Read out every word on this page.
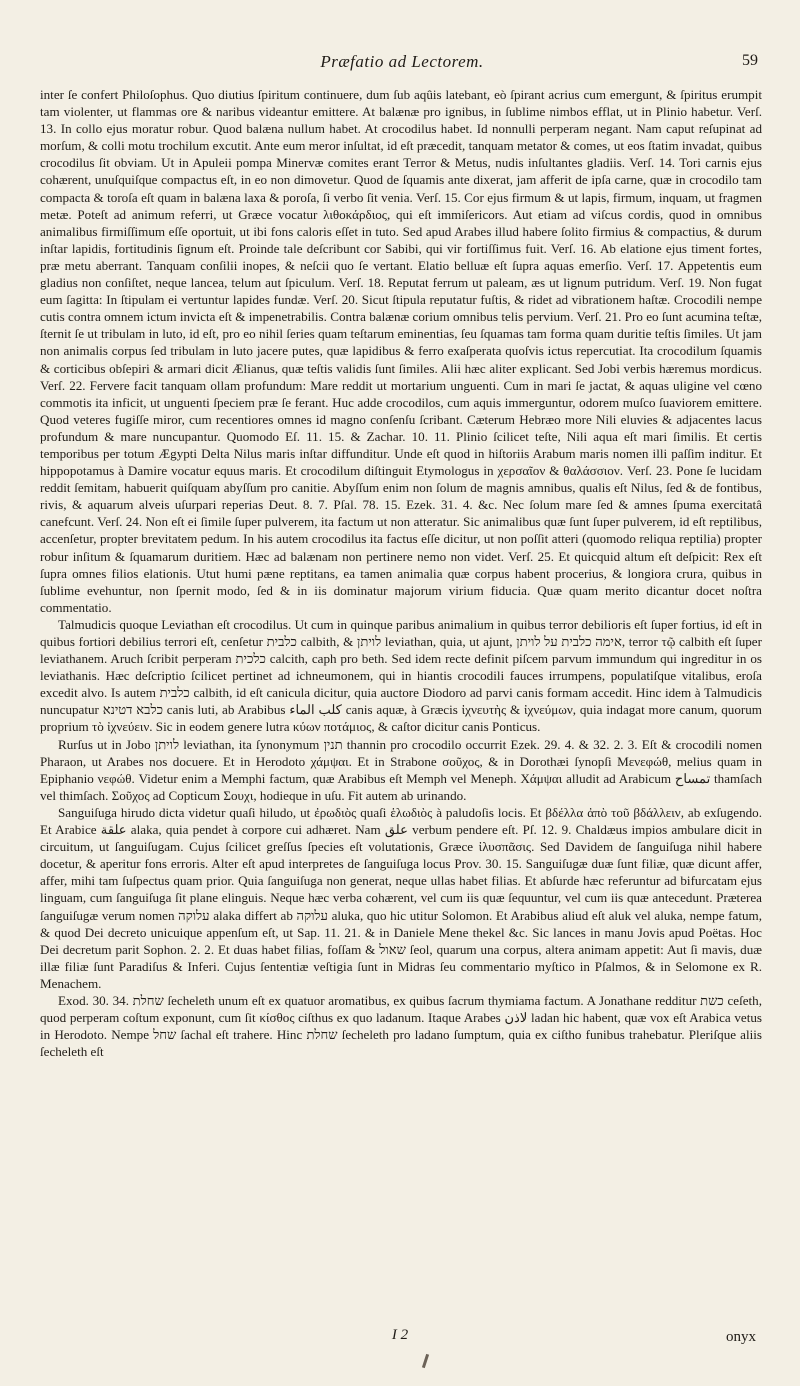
Præfatio ad Lectorem.	59

inter ſe confert Philoſophus. Quo diutius ſpiritum continuere, dum ſub aqûis latebant, eò ſpirant acrius cum emergunt, & ſpiritus erumpit tam violenter, ut flammas ore & naribus videantur emittere. At balænæ pro ignibus, in ſublime nimbos efflat, ut in Plinio habetur. Verſ. 13. In collo ejus moratur robur. Quod balæna nullum habet. At crocodilus habet. Id nonnulli perperam negant. Nam caput reſupinat ad morſum, & colli motu trochilum excutit. Ante eum meror inſultat, id eſt præcedit, tanquam metator & comes, ut eos ſtatim invadat, quibus crocodilus ſit obviam. Ut in Apuleii pompa Minervæ comites erant Terror & Metus, nudis inſultantes gladiis. Verſ. 14. Tori carnis ejus cohærent, unuſquiſque compactus eſt, in eo non dimovetur. Quod de ſquamis ante dixerat, jam afferit de ipſa carne, quæ in crocodilo tam compacta & toroſa eſt quam in balæna laxa & poroſa, ſi verbo ſit venia. Verſ. 15. Cor ejus firmum & ut lapis, firmum, inquam, ut fragmen metæ. Poteſt ad animum referri, ut Græce vocatur λιθοκάρδιος, qui eſt immiſericors. Aut etiam ad viſcus cordis, quod in omnibus animalibus firmiſſimum eſſe oportuit, ut ibi fons caloris eſſet in tuto. Sed apud Arabes illud habere ſolito firmius & compactius, & durum inſtar lapidis, fortitudinis ſignum eſt. Proinde tale deſcribunt cor Sabibi, qui vir fortiſſimus fuit. Verſ. 16. Ab elatione ejus timent fortes, præ metu aberrant. Tanquam conſilii inopes, & neſcii quo ſe vertant. Elatio belluæ eſt ſupra aquas emerſio. Verſ. 17. Appetentis eum gladius non conſiſtet, neque lancea, telum aut ſpiculum. Verſ. 18. Reputat ferrum ut paleam, æs ut lignum putridum. Verſ. 19. Non fugat eum ſagitta: In ſtipulam ei vertuntur lapides fundæ. Verſ. 20. Sicut ſtipula reputatur fuſtis, & ridet ad vibrationem haſtæ. Crocodili nempe cutis contra omnem ictum invicta eſt & impenetrabilis. Contra balænæ corium omnibus telis pervium. Verſ. 21. Pro eo ſunt acumina teſtæ, ſternit ſe ut tribulam in luto, id eſt, pro eo nihil ſeries quam teſtarum eminentias, ſeu ſquamas tam forma quam duritie teſtis ſimiles. Ut jam non animalis corpus ſed tribulam in luto jacere putes, quæ lapidibus & ferro exaſperata quoſvis ictus repercutiat. Ita crocodilum ſquamis & corticibus obſepiri & armari dicit Ælianus, quæ teſtis validis ſunt ſimiles. Alii hæc aliter explicant. Sed Jobi verbis hæremus mordicus. Verſ. 22. Fervere facit tanquam ollam profundum: Mare reddit ut mortarium unguenti. Cum in mari ſe jactat, & aquas uligine vel cœno commotis ita inficit, ut unguenti ſpeciem præ ſe ferant. Huc adde crocodilos, cum aquis immerguntur, odorem muſco ſuaviorem emittere. Quod veteres fugiſſe miror, cum recentiores omnes id magno conſenſu ſcribant. Cæterum Hebræo more Nili eluvies & adjacentes lacus profundum & mare nuncupantur. Quomodo Eſ. 11. 15. & Zachar. 10. 11. Plinio ſcilicet teſte, Nili aqua eſt mari ſimilis. Et certis temporibus per totum Ægypti Delta Nilus maris inſtar diffunditur. Unde eſt quod in hiſtoriis Arabum maris nomen illi paſſim inditur. Et hippopotamus à Damire vocatur equus maris. Et crocodilum diſtinguit Etymologus in χερσαῖον & θαλάσσιον. Verſ. 23. Pone ſe lucidam reddit ſemitam, habuerit quiſquam abyſſum pro canitie. Abyſſum enim non ſolum de magnis amnibus, qualis eſt Nilus, ſed & de fontibus, rivis, & aquarum alveis uſurpari reperias Deut. 8. 7. Pſal. 78. 15. Ezek. 31. 4. &c. Nec ſolum mare ſed & amnes ſpuma exercitatâ canefcunt. Verſ. 24. Non eſt ei ſimile ſuper pulverem, ita factum ut non atteratur. Sic animalibus quæ ſunt ſuper pulverem, id eſt reptilibus, accenſetur, propter brevitatem pedum. In his autem crocodilus ita factus eſſe dicitur, ut non poſſit atteri (quomodo reliqua reptilia) propter robur inſitum & ſquamarum duritiem. Hæc ad balænam non pertinere nemo non videt. Verſ. 25. Et quicquid altum eſt deſpicit: Rex eſt ſupra omnes filios elationis. Utut humi pæne reptitans, ea tamen animalia quæ corpus habent procerius, & longiora crura, quibus in ſublime evehuntur, non ſpernit modo, ſed & in iis dominatur majorum virium fiducia. Quæ quam merito dicantur docet noſtra commentatio.

Talmudicis quoque Leviathan eſt crocodilus. Ut cum in quinque paribus animalium in quibus terror debilioris eſt ſuper fortius, id eſt in quibus fortiori debilius terrori eſt, cenſetur כלבית calbith, & לויתן leviathan, quia, ut ajunt, אימה כלבית על לויתן, terror τῷ calbith eſt ſuper leviathanem. Aruch ſcribit perperam כלכית calcith, caph pro beth. Sed idem recte definit piſcem parvum immundum qui ingreditur in os leviathanis. Hæc deſcriptio ſcilicet pertinet ad ichneumonem, qui in hiantis crocodili fauces irrumpens, populatiſque vitalibus, eroſa excedit alvo. Is autem כלבית calbith, id eſt canicula dicitur, quia auctore Diodoro ad parvi canis formam accedit. Hinc idem à Talmudicis nuncupatur כלבא דטינא canis luti, ab Arabibus كلب الماء canis aquæ, à Græcis ἰχνευτὴς & ἰχνεύμων, quia indagat more canum, quorum proprium τὸ ἰχνεύειν. Sic in eodem genere lutra κύων ποτάμιος, & caſtor dicitur canis Ponticus.

Rurſus ut in Jobo לויתן leviathan, ita ſynonymum תנין thannin pro crocodilo occurrit Ezek. 29. 4. & 32. 2. 3. Eſt & crocodili nomen Pharaon, ut Arabes nos docuere. Et in Herodoto χάμψαι. Et in Strabone σοῦχος, & in Dorothæi ſynopſi Μενεφώθ, melius quam in Epiphanio νεφώθ. Videtur enim a Memphi factum, quæ Arabibus eſt Memph vel Meneph. Χάμψαι alludit ad Arabicum تمساح thamſach vel thimſach. Σοῦχος ad Copticum Σουχι, hodieque in uſu. Fit autem ab urinando.

Sanguiſuga hirudo dicta videtur quaſi hiludo, ut ἐρωδιὸς quaſi ἑλωδιὸς à paludoſis locis. Et βδέλλα ἀπὸ τοῦ βδάλλειν, ab exſugendo. Et Arabice علقة alaka, quia pendet à corpore cui adhæret. Nam علق verbum pendere eſt. Pſ. 12. 9. Chaldæus impios ambulare dicit in circuitum, ut ſanguiſugam. Cujus ſcilicet greſſus ſpecies eſt volutationis, Græce ἰλυσπᾶσις. Sed Davidem de ſanguiſuga nihil habere docetur, & aperitur fons erroris. Alter eſt apud interpretes de ſanguiſuga locus Prov. 30. 15. Sanguiſugæ duæ ſunt filiæ, quæ dicunt affer, affer, mihi tam ſuſpectus quam prior. Quia ſanguiſuga non generat, neque ullas habet filias. Et abſurde hæc referuntur ad bifurcatam ejus linguam, cum ſanguiſuga ſit plane elinguis. Neque hæc verba cohærent, vel cum iis quæ ſequuntur, vel cum iis quæ antecedunt. Præterea ſanguiſugæ verum nomen עלוקה alaka differt ab עלוקה aluka, quo hic utitur Solomon. Et Arabibus aliud eſt aluk vel aluka, nempe fatum, & quod Dei decreto unicuique appenſum eſt, ut Sap. 11. 21. & in Daniele Mene thekel &c. Sic lances in manu Jovis apud Poëtas. Hoc Dei decretum parit Sophon. 2. 2. Et duas habet filias, foſſam & שאול ſeol, quarum una corpus, altera animam appetit: Aut ſi mavis, duæ illæ filiæ ſunt Paradiſus & Inferi. Cujus ſententiæ veſtigia ſunt in Midras ſeu commentario myſtico in Pſalmos, & in Selomone ex R. Menachem.

Exod. 30. 34. שחלת ſecheleth unum eſt ex quatuor aromatibus, ex quibus ſacrum thymiama factum. A Jonathane redditur כשת ceſeth, quod perperam coſtum exponunt, cum ſit κίσθος ciſthus ex quo ladanum. Itaque Arabes لاذن ladan hic habent, quæ vox eſt Arabica vetus in Herodoto. Nempe שחל ſachal eſt trahere. Hinc שחלת ſecheleth pro ladano ſumptum, quia ex ciſtho funibus trahebatur. Pleriſque aliis ſecheleth eſt

I 2	onyx
